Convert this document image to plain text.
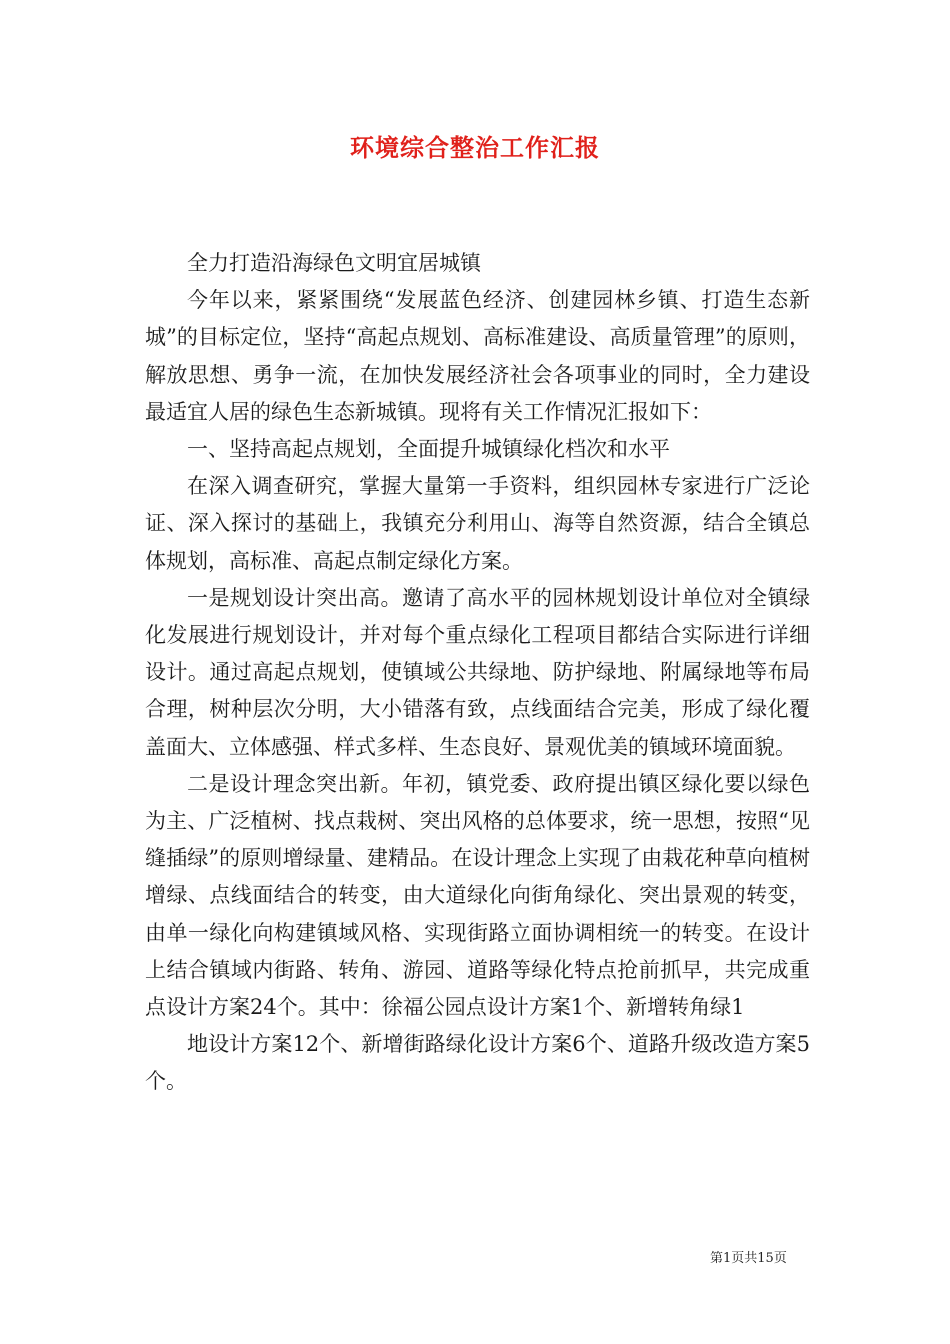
环境综合整治工作汇报

全力打造沿海绿色文明宜居城镇

今年以来，紧紧围绕“发展蓝色经济、创建园林乡镇、打造生态新城”的目标定位，坚持“高起点规划、高标准建设、高质量管理”的原则，解放思想、勇争一流，在加快发展经济社会各项事业的同时，全力建设最适宜人居的绿色生态新城镇。现将有关工作情况汇报如下：

一、坚持高起点规划，全面提升城镇绿化档次和水平

在深入调查研究，掌握大量第一手资料，组织园林专家进行广泛论证、深入探讨的基础上，我镇充分利用山、海等自然资源，结合全镇总体规划，高标准、高起点制定绿化方案。

一是规划设计突出高。邀请了高水平的园林规划设计单位对全镇绿化发展进行规划设计，并对每个重点绿化工程项目都结合实际进行详细设计。通过高起点规划，使镇域公共绿地、防护绿地、附属绿地等布局合理，树种层次分明，大小错落有致，点线面结合完美，形成了绿化覆盖面大、立体感强、样式多样、生态良好、景观优美的镇域环境面貌。

二是设计理念突出新。年初，镇党委、政府提出镇区绿化要以绿色为主、广泛植树、找点栽树、突出风格的总体要求，统一思想，按照“见缝插绿”的原则增绿量、建精品。在设计理念上实现了由栽花种草向植树增绿、点线面结合的转变，由大道绿化向街角绿化、突出景观的转变，由单一绿化向构建镇域风格、实现街路立面协调相统一的转变。在设计上结合镇域内街路、转角、游园、道路等绿化特点抢前抓早，共完成重点设计方案24个。其中：徐福公园点设计方案1个、新增转角绿1

地设计方案12个、新增街路绿化设计方案6个、道路升级改造方案5个。

第1页共15页
